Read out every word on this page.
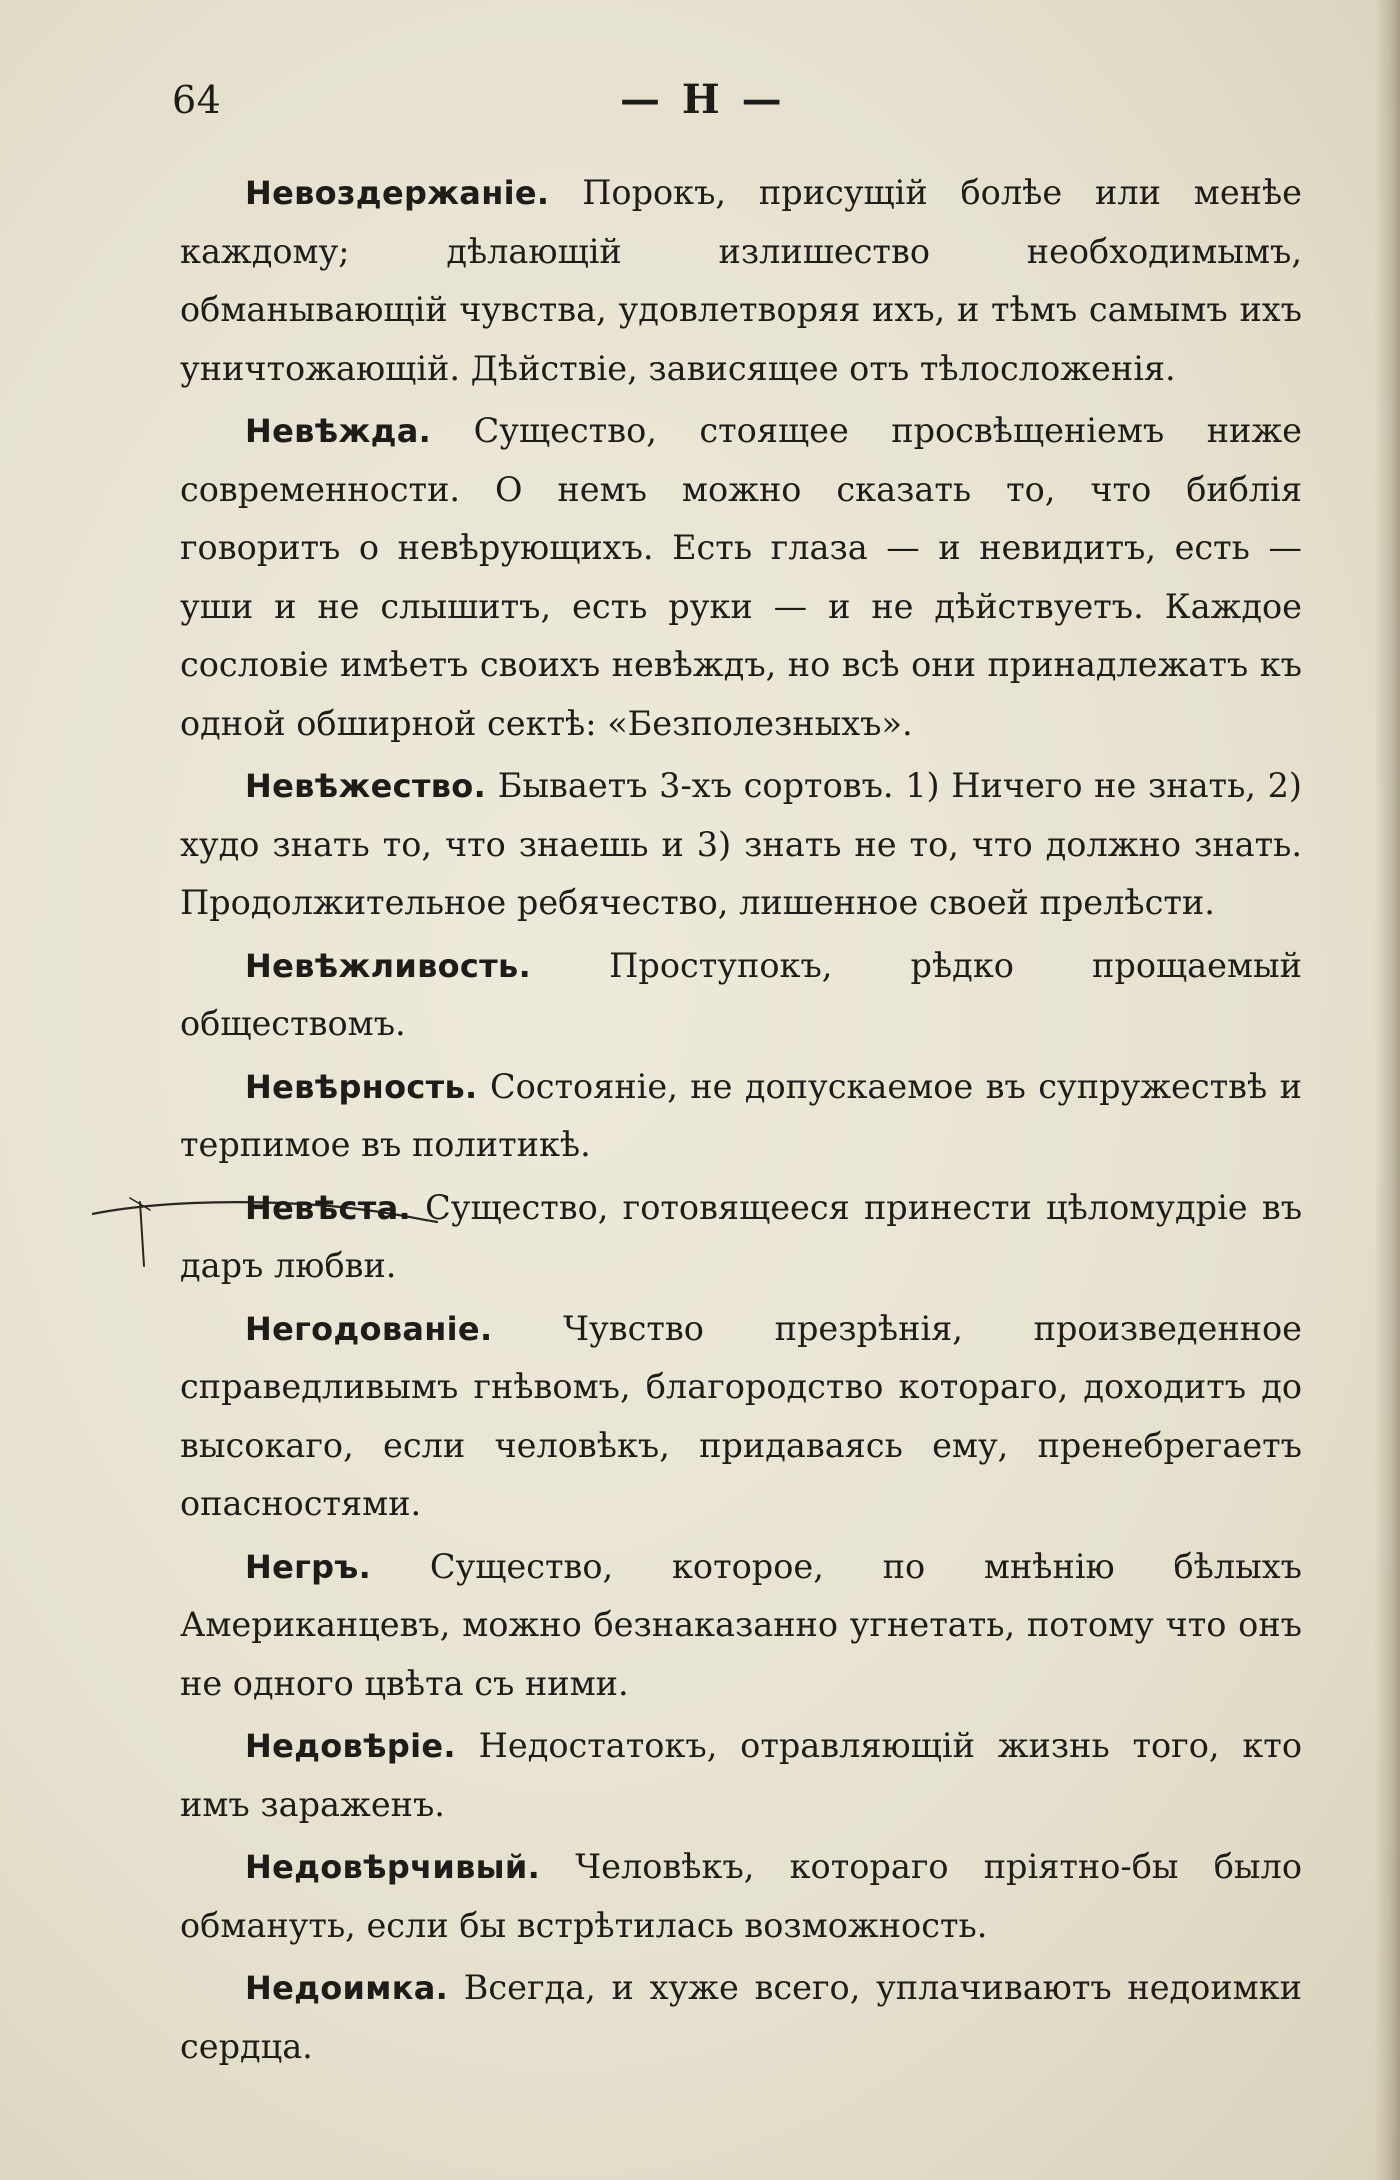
64	— Н —

Невоздержаніе. Порокъ, присущій болѣе или менѣе каждому; дѣлающій излишество необходимымъ, обманывающій чувства, удовлетворяя ихъ, и тѣмъ самымъ ихъ уничтожающій. Дѣйствіе, зависящее отъ тѣлосложенія.

Невѣжда. Существо, стоящее просвѣщеніемъ ниже современности. О немъ можно сказать то, что библія говоритъ о невѣрующихъ. Есть глаза — и невидитъ, есть — уши и не слышитъ, есть руки — и не дѣйствуетъ. Каждое сословіе имѣетъ своихъ невѣждъ, но всѣ они принадлежатъ къ одной обширной сектѣ: «Безполезныхъ».

Невѣжество. Бываетъ 3-хъ сортовъ. 1) Ничего не знать, 2) худо знать то, что знаешь и 3) знать не то, что должно знать. Продолжительное ребячество, лишенное своей прелѣсти.

Невѣжливость. Проступокъ, рѣдко прощаемый обществомъ.

Невѣрность. Состояніе, не допускаемое въ супружествѣ и терпимое въ политикѣ.

Невѣста. Существо, готовящееся принести цѣломудріе въ даръ любви.

Негодованіе. Чувство презрѣнія, произведенное справедливымъ гнѣвомъ, благородство котораго, доходитъ до высокаго, если человѣкъ, придаваясь ему, пренебрегаетъ опасностями.

Негръ. Существо, которое, по мнѣнію бѣлыхъ Американцевъ, можно безнаказанно угнетать, потому что онъ не одного цвѣта съ ними.

Недовѣріе. Недостатокъ, отравляющій жизнь того, кто имъ зараженъ.

Недовѣрчивый. Человѣкъ, котораго пріятно-бы было обмануть, если бы встрѣтилась возможность.

Недоимка. Всегда, и хуже всего, уплачиваютъ недоимки сердца.
